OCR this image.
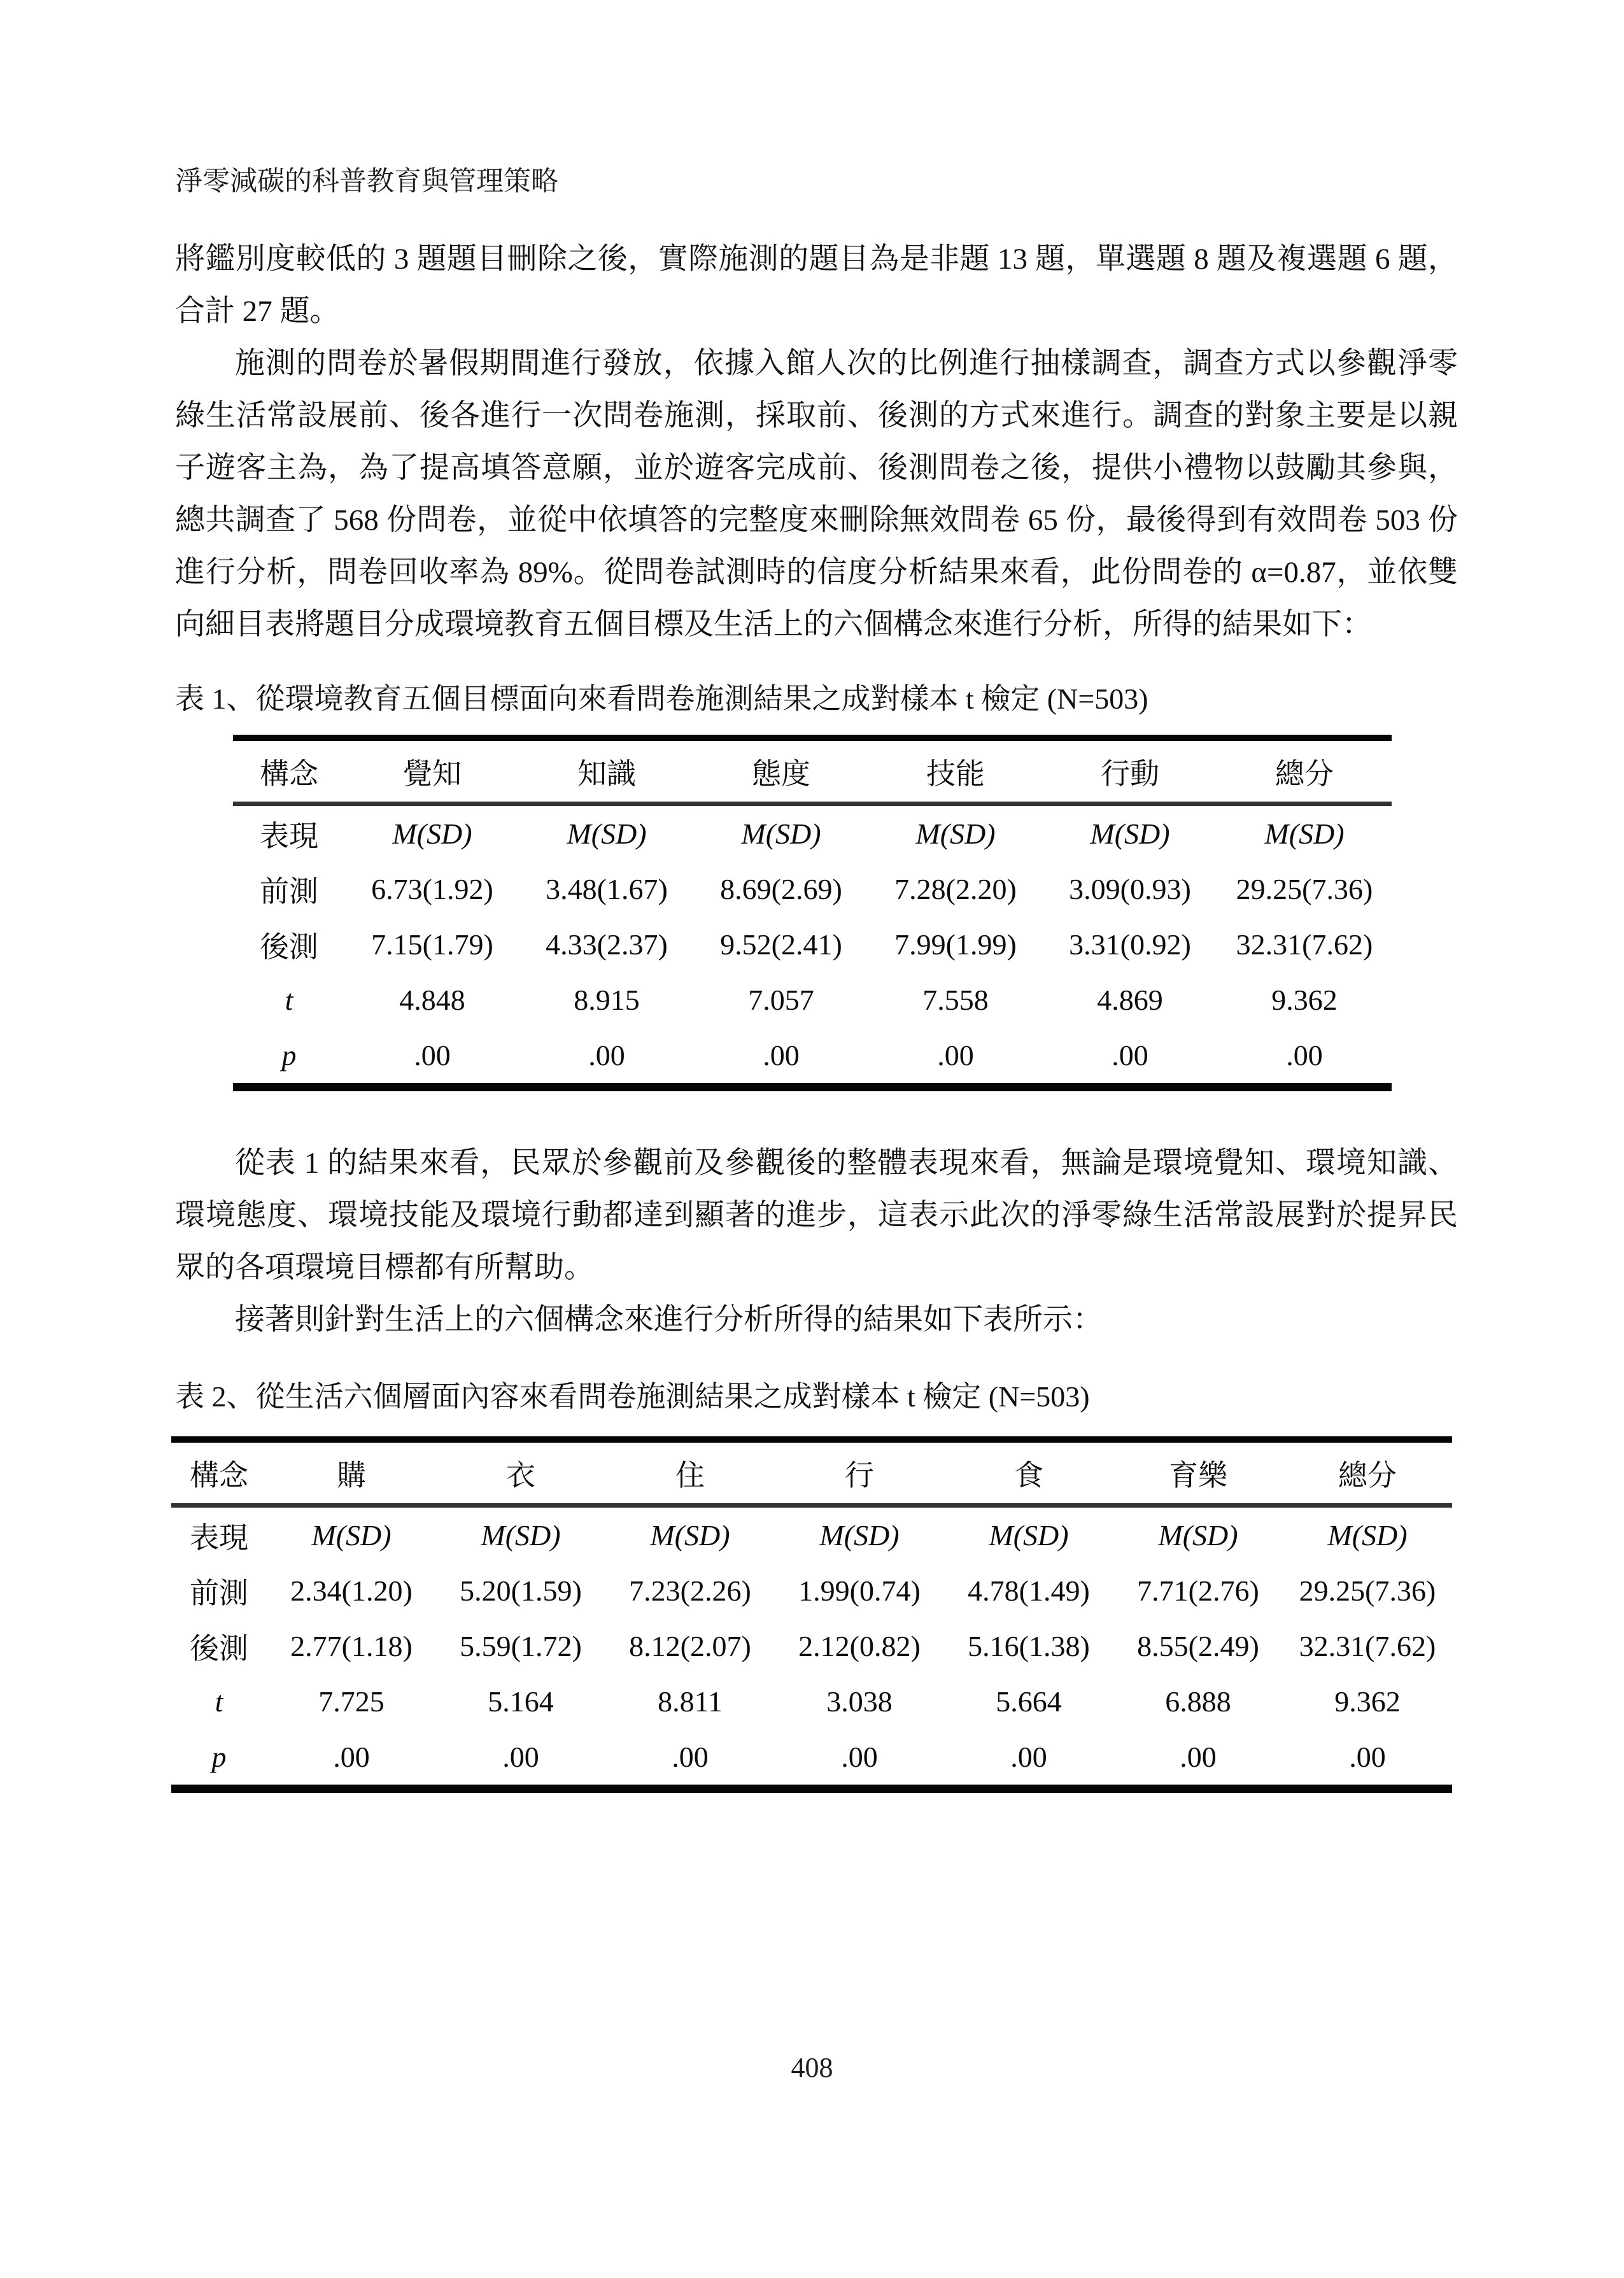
淨零減碳的科普教育與管理策略

將鑑別度較低的 3 題題目刪除之後，實際施測的題目為是非題 13 題，單選題 8 題及複選題 6 題，合計 27 題。

施測的問卷於暑假期間進行發放，依據入館人次的比例進行抽樣調查，調查方式以參觀淨零綠生活常設展前、後各進行一次問卷施測，採取前、後測的方式來進行。調查的對象主要是以親子遊客主為，為了提高填答意願，並於遊客完成前、後測問卷之後，提供小禮物以鼓勵其參與，總共調查了 568 份問卷，並從中依填答的完整度來刪除無效問卷 65 份，最後得到有效問卷 503 份進行分析，問卷回收率為 89%。從問卷試測時的信度分析結果來看，此份問卷的 α=0.87，並依雙向細目表將題目分成環境教育五個目標及生活上的六個構念來進行分析，所得的結果如下：

表 1、從環境教育五個目標面向來看問卷施測結果之成對樣本 t 檢定 (N=503)

構念	覺知	知識	態度	技能	行動	總分
表現	M(SD)	M(SD)	M(SD)	M(SD)	M(SD)	M(SD)
前測	6.73(1.92)	3.48(1.67)	8.69(2.69)	7.28(2.20)	3.09(0.93)	29.25(7.36)
後測	7.15(1.79)	4.33(2.37)	9.52(2.41)	7.99(1.99)	3.31(0.92)	32.31(7.62)
t	4.848	8.915	7.057	7.558	4.869	9.362
p	.00	.00	.00	.00	.00	.00

從表 1 的結果來看，民眾於參觀前及參觀後的整體表現來看，無論是環境覺知、環境知識、環境態度、環境技能及環境行動都達到顯著的進步，這表示此次的淨零綠生活常設展對於提昇民眾的各項環境目標都有所幫助。

接著則針對生活上的六個構念來進行分析所得的結果如下表所示：

表 2、從生活六個層面內容來看問卷施測結果之成對樣本 t 檢定 (N=503)

構念	購	衣	住	行	食	育樂	總分
表現	M(SD)	M(SD)	M(SD)	M(SD)	M(SD)	M(SD)	M(SD)
前測	2.34(1.20)	5.20(1.59)	7.23(2.26)	1.99(0.74)	4.78(1.49)	7.71(2.76)	29.25(7.36)
後測	2.77(1.18)	5.59(1.72)	8.12(2.07)	2.12(0.82)	5.16(1.38)	8.55(2.49)	32.31(7.62)
t	7.725	5.164	8.811	3.038	5.664	6.888	9.362
p	.00	.00	.00	.00	.00	.00	.00
408
